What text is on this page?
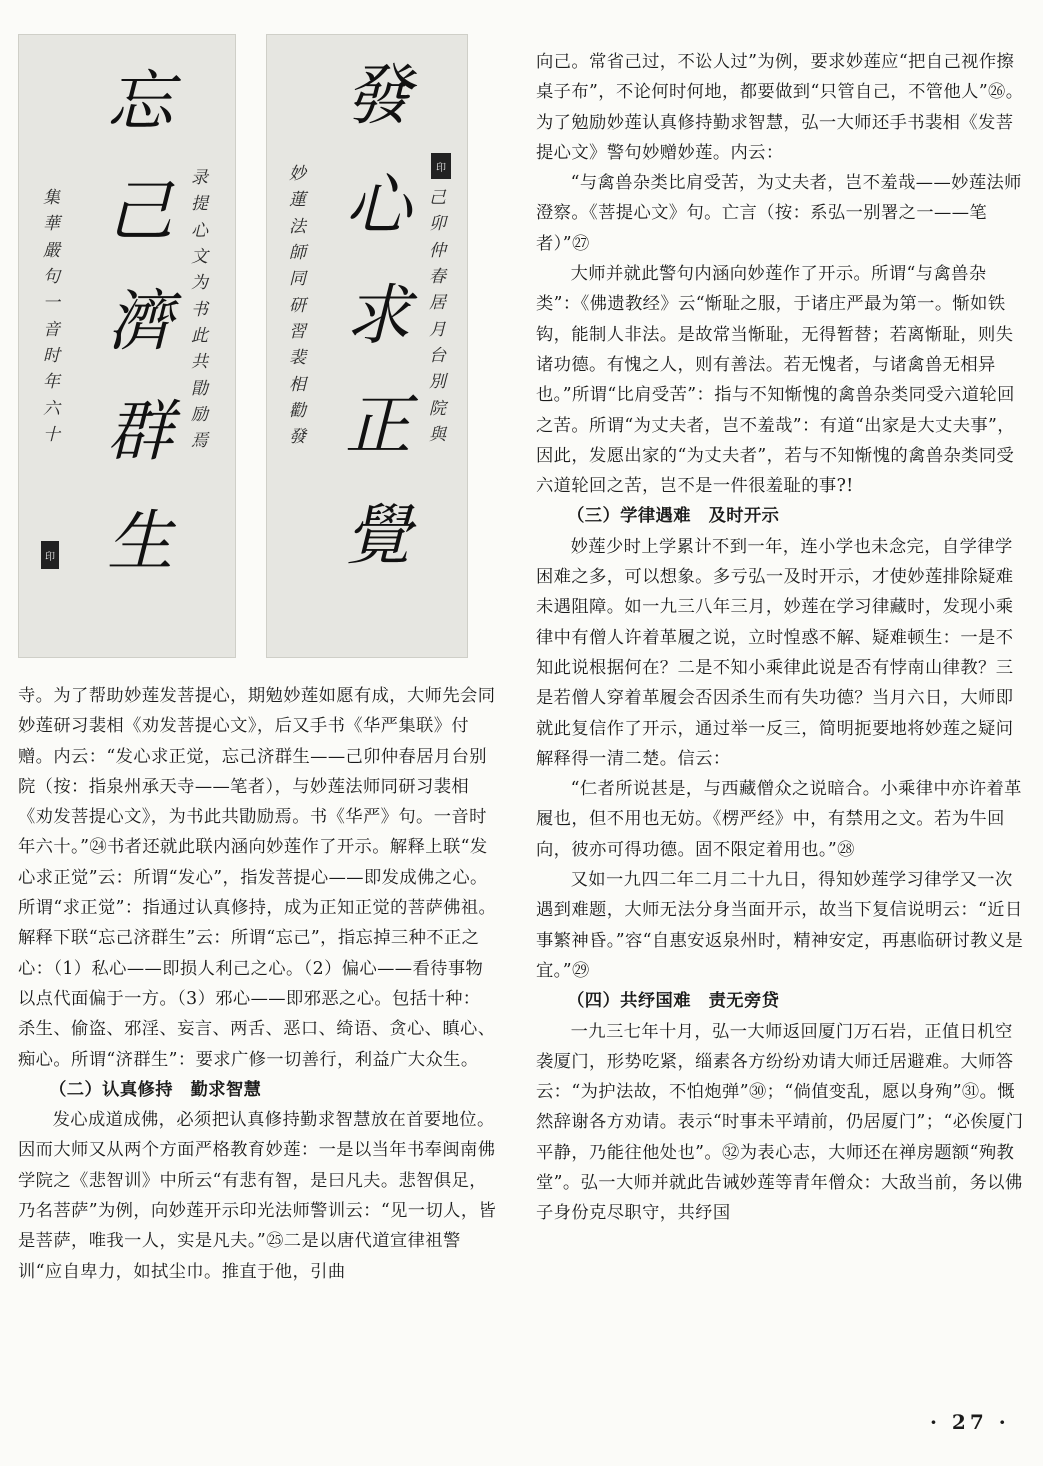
忘
己
濟
群
生
录
提
心
文
为
书
此
共
勖
励
焉
集
華
嚴
句
一
音
时
年
六
十
印
發
心
求
正
覺
己
卯
仲
春
居
月
台
別
院
與
妙
蓮
法
師
同
研
習
裴
相
勸
發
印

寺。为了帮助妙莲发菩提心，期勉妙莲如愿有成，大师先会同妙莲研习裴相《劝发菩提心文》，后又手书《华严集联》付赠。内云：“发心求正觉，忘己济群生——己卯仲春居月台别院（按：指泉州承天寺——笔者），与妙莲法师同研习裴相《劝发菩提心文》，为书此共勖励焉。书《华严》句。一音时年六十。”㉔书者还就此联内涵向妙莲作了开示。解释上联“发心求正觉”云：所谓“发心”，指发菩提心——即发成佛之心。所谓“求正觉”：指通过认真修持，成为正知正觉的菩萨佛祖。解释下联“忘己济群生”云：所谓“忘己”，指忘掉三种不正之心：（1）私心——即损人利己之心。（2）偏心——看待事物以点代面偏于一方。（3）邪心——即邪恶之心。包括十种：杀生、偷盗、邪淫、妄言、两舌、恶口、绮语、贪心、瞋心、痴心。所谓“济群生”：要求广修一切善行，利益广大众生。

（二）认真修持　勤求智慧

发心成道成佛，必须把认真修持勤求智慧放在首要地位。因而大师又从两个方面严格教育妙莲：一是以当年书奉闽南佛学院之《悲智训》中所云“有悲有智，是曰凡夫。悲智俱足，乃名菩萨”为例，向妙莲开示印光法师警训云：“见一切人，皆是菩萨，唯我一人，实是凡夫。”㉕二是以唐代道宣律祖警训“应自卑力，如拭尘巾。推直于他，引曲

向己。常省己过，不讼人过”为例，要求妙莲应“把自己视作擦桌子布”，不论何时何地，都要做到“只管自己，不管他人”㉖。为了勉励妙莲认真修持勤求智慧，弘一大师还手书裴相《发菩提心文》警句妙赠妙莲。内云：

“与禽兽杂类比肩受苦，为丈夫者，岂不羞哉——妙莲法师澄察。《菩提心文》句。亡言（按：系弘一别署之一——笔者）”㉗

大师并就此警句内涵向妙莲作了开示。所谓“与禽兽杂类”：《佛遗教经》云“惭耻之服，于诸庄严最为第一。惭如铁钩，能制人非法。是故常当惭耻，无得暂替；若离惭耻，则失诸功德。有愧之人，则有善法。若无愧者，与诸禽兽无相异也。”所谓“比肩受苦”：指与不知惭愧的禽兽杂类同受六道轮回之苦。所谓“为丈夫者，岂不羞哉”：有道“出家是大丈夫事”，因此，发愿出家的“为丈夫者”，若与不知惭愧的禽兽杂类同受六道轮回之苦，岂不是一件很羞耻的事?!

（三）学律遇难　及时开示

妙莲少时上学累计不到一年，连小学也未念完，自学律学困难之多，可以想象。多亏弘一及时开示，才使妙莲排除疑难未遇阻障。如一九三八年三月，妙莲在学习律藏时，发现小乘律中有僧人许着革履之说，立时惶惑不解、疑难顿生：一是不知此说根据何在？二是不知小乘律此说是否有悖南山律教？三是若僧人穿着革履会否因杀生而有失功德？当月六日，大师即就此复信作了开示，通过举一反三，简明扼要地将妙莲之疑问解释得一清二楚。信云：

“仁者所说甚是，与西藏僧众之说暗合。小乘律中亦许着革履也，但不用也无妨。《楞严经》中，有禁用之文。若为牛回向，彼亦可得功德。固不限定着用也。”㉘

又如一九四二年二月二十九日，得知妙莲学习律学又一次遇到难题，大师无法分身当面开示，故当下复信说明云：“近日事繁神昏。”容“自惠安返泉州时，精神安定，再惠临研讨教义是宜。”㉙

（四）共纾国难　责无旁贷

一九三七年十月，弘一大师返回厦门万石岩，正值日机空袭厦门，形势吃紧，缁素各方纷纷劝请大师迁居避难。大师答云：“为护法故，不怕炮弹”㉚；“倘值变乱，愿以身殉”㉛。慨然辞谢各方劝请。表示“时事未平靖前，仍居厦门”；“必俟厦门平静，乃能往他处也”。㉜为表心志，大师还在禅房题额“殉教堂”。弘一大师并就此告诫妙莲等青年僧众：大敌当前，务以佛子身份克尽职守，共纾国

· 27 ·
